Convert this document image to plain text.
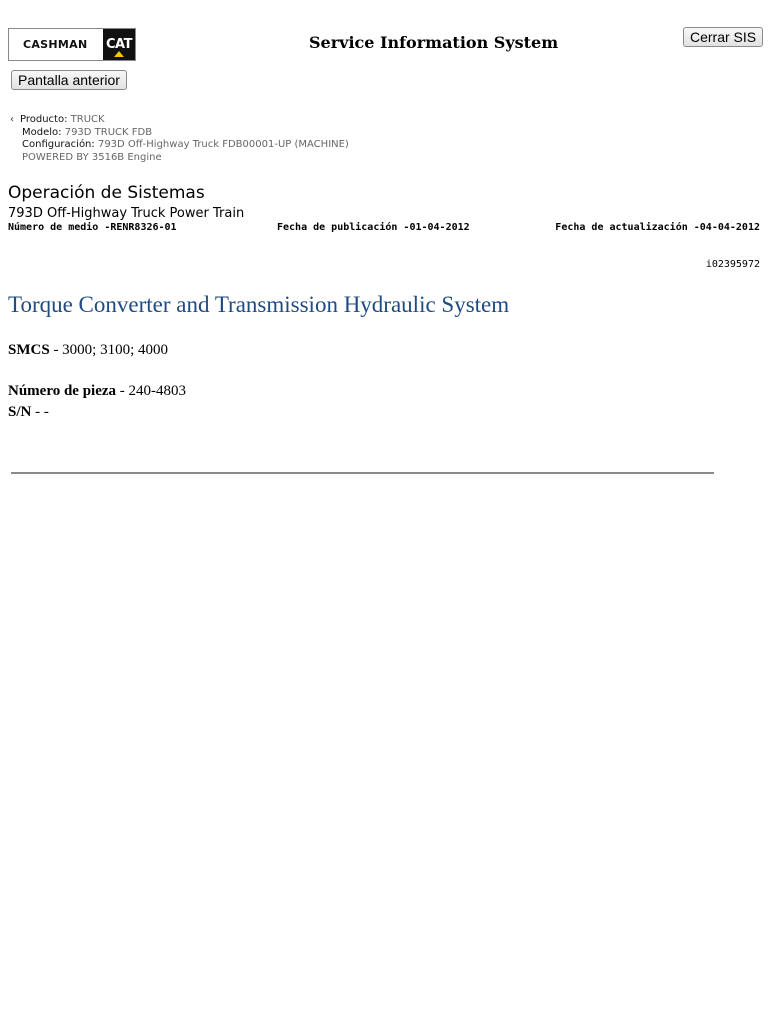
CASHMAN CAT	Service Information System	Cerrar SIS
Pantalla anterior
‹ Producto: TRUCK
Modelo: 793D TRUCK FDB
Configuración: 793D Off-Highway Truck FDB00001-UP (MACHINE)
POWERED BY 3516B Engine
Operación de Sistemas
793D Off-Highway Truck Power Train
Número de medio -RENR8326-01	Fecha de publicación -01-04-2012	Fecha de actualización -04-04-2012
i02395972
Torque Converter and Transmission Hydraulic System
SMCS - 3000; 3100; 4000
Número de pieza - 240-4803
S/N - -
